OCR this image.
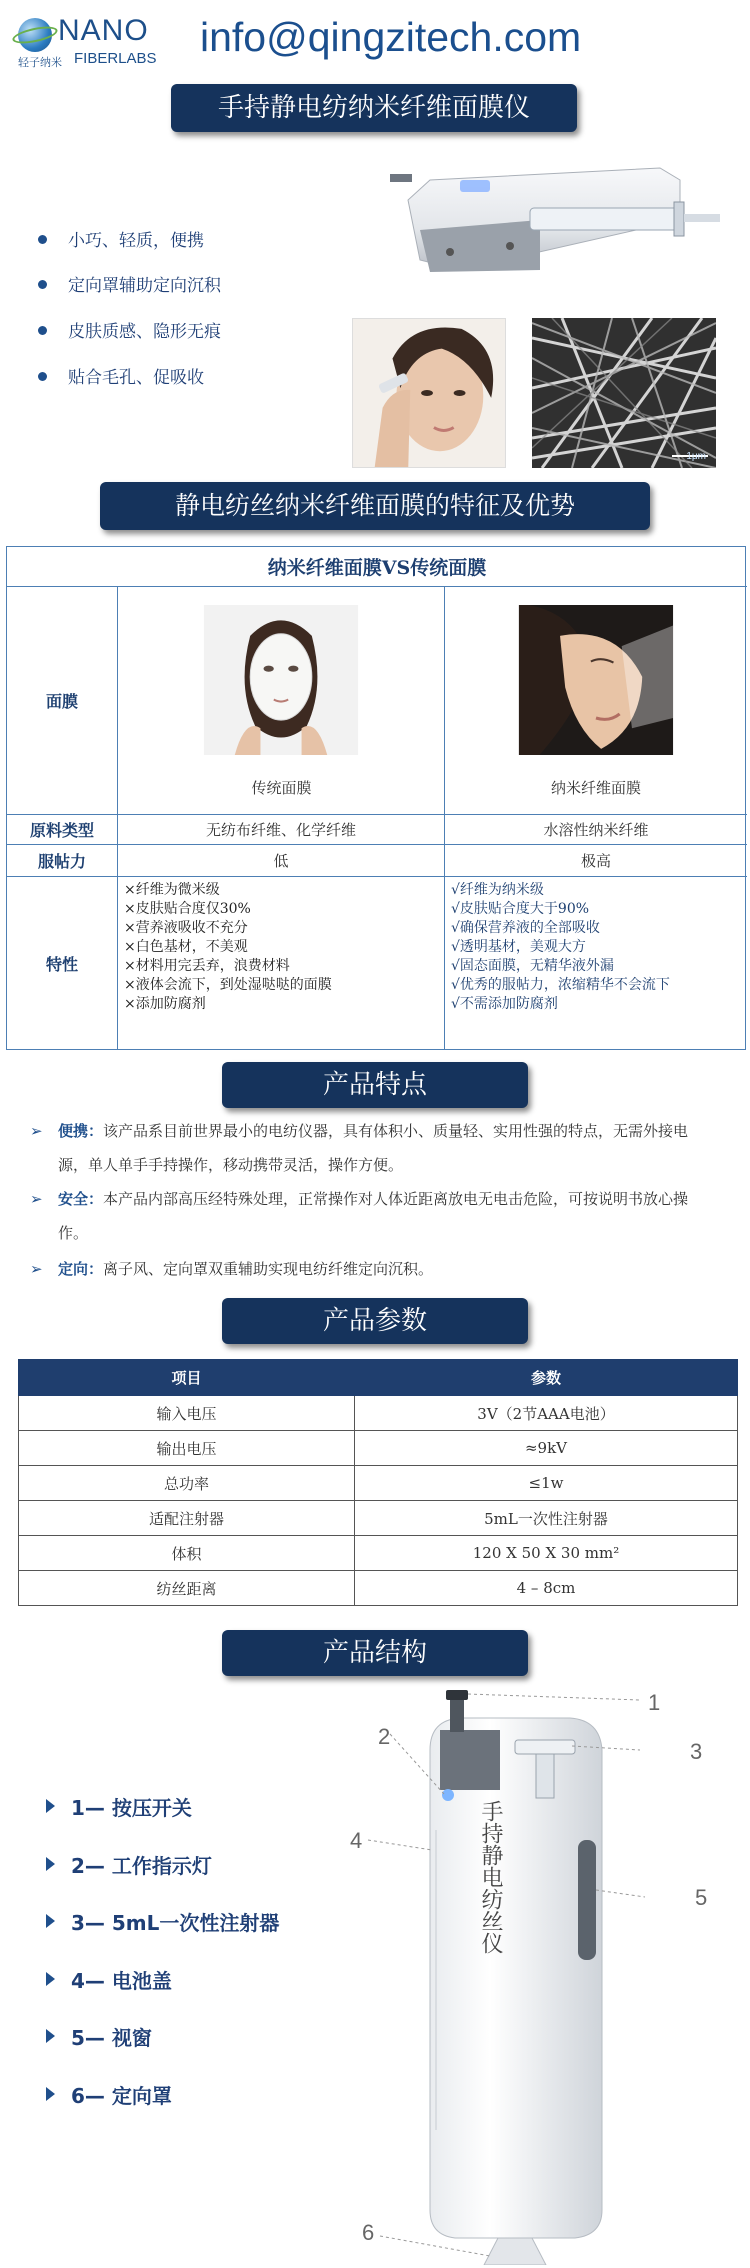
NANO
轻子纳米 FIBERLABS info@qingzitech.com
手持静电纺纳米纤维面膜仪
小巧、轻质，便携
定向罩辅助定向沉积
皮肤质感、隐形无痕
贴合毛孔、促吸收
1μm
静电纺丝纳米纤维面膜的特征及优势
纳米纤维面膜VS传统面膜
面膜
传统面膜	纳米纤维面膜
原料类型	无纺布纤维、化学纤维	水溶性纳米纤维
服帖力	低	极高
特性
×纤维为微米级
×皮肤贴合度仅30%
×营养液吸收不充分
×白色基材，不美观
×材料用完丢弃，浪费材料
×液体会流下，到处湿哒哒的面膜
×添加防腐剂
√纤维为纳米级
√皮肤贴合度大于90%
√确保营养液的全部吸收
√透明基材，美观大方
√固态面膜，无精华液外漏
√优秀的服帖力，浓缩精华不会流下
√不需添加防腐剂
产品特点
➢ 便携：该产品系目前世界最小的电纺仪器，具有体积小、质量轻、实用性强的特点，无需外接电源，单人单手手持操作，移动携带灵活，操作方便。
➢ 安全：本产品内部高压经特殊处理，正常操作对人体近距离放电无电击危险，可按说明书放心操作。
➢ 定向：离子风、定向罩双重辅助实现电纺纤维定向沉积。
产品参数
项目	参数
输入电压	3V（2节AAA电池）
输出电压	≈9kV
总功率	≤1w
适配注射器	5mL一次性注射器
体积	120 X 50 X 30 mm²
纺丝距离	4 – 8cm
产品结构
1— 按压开关
2— 工作指示灯
3— 5mL一次性注射器
4— 电池盖
5— 视窗
6— 定向罩
1
2
3
4
5
6
手持静电纺丝仪
